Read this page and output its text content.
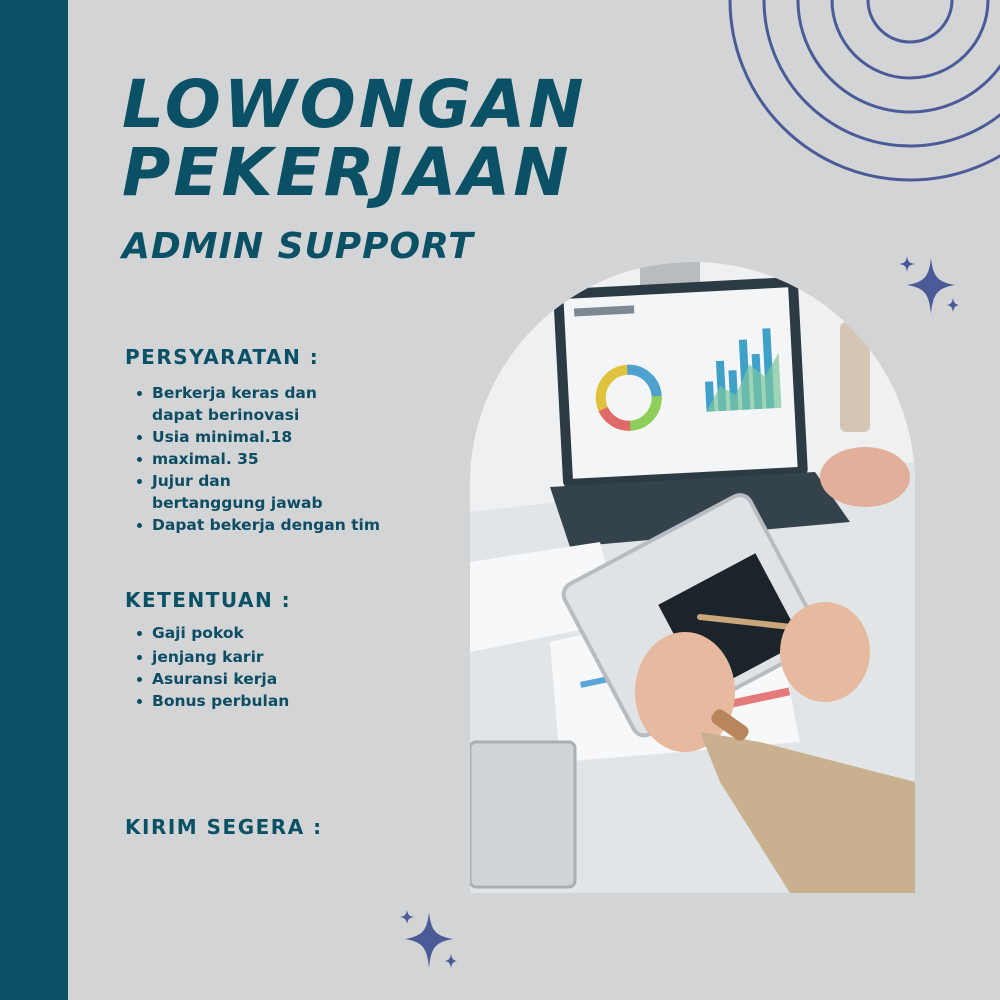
LOWONGAN
PEKERJAAN
ADMIN SUPPORT
PERSYARATAN :
Berkerja keras dan dapat berinovasi
Usia minimal.18
maximal. 35
Jujur dan bertanggung jawab
Dapat bekerja dengan tim
KETENTUAN :
Gaji pokok
jenjang karir
Asuransi kerja
Bonus perbulan
KIRIM SEGERA :
